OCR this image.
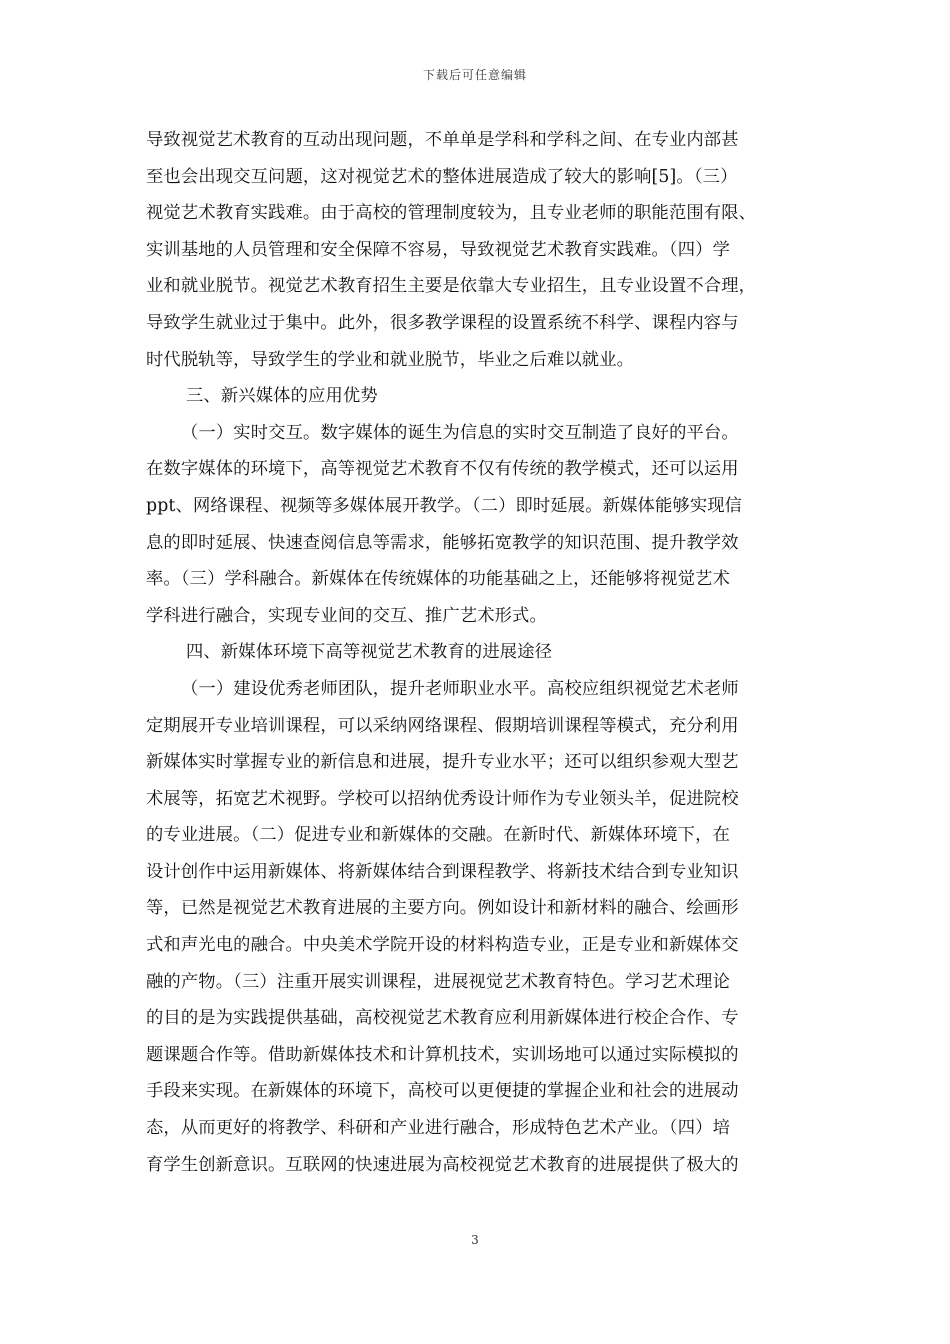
下载后可任意编辑
导致视觉艺术教育的互动出现问题，不单单是学科和学科之间、在专业内部甚
至也会出现交互问题，这对视觉艺术的整体进展造成了较大的影响[5]。（三）
视觉艺术教育实践难。由于高校的管理制度较为，且专业老师的职能范围有限、
实训基地的人员管理和安全保障不容易，导致视觉艺术教育实践难。（四）学
业和就业脱节。视觉艺术教育招生主要是依靠大专业招生，且专业设置不合理，
导致学生就业过于集中。此外，很多教学课程的设置系统不科学、课程内容与
时代脱轨等，导致学生的学业和就业脱节，毕业之后难以就业。
三、新兴媒体的应用优势
（一）实时交互。数字媒体的诞生为信息的实时交互制造了良好的平台。
在数字媒体的环境下，高等视觉艺术教育不仅有传统的教学模式，还可以运用
ppt、网络课程、视频等多媒体展开教学。（二）即时延展。新媒体能够实现信
息的即时延展、快速查阅信息等需求，能够拓宽教学的知识范围、提升教学效
率。（三）学科融合。新媒体在传统媒体的功能基础之上，还能够将视觉艺术
学科进行融合，实现专业间的交互、推广艺术形式。
四、新媒体环境下高等视觉艺术教育的进展途径
（一）建设优秀老师团队，提升老师职业水平。高校应组织视觉艺术老师
定期展开专业培训课程，可以采纳网络课程、假期培训课程等模式，充分利用
新媒体实时掌握专业的新信息和进展，提升专业水平；还可以组织参观大型艺
术展等，拓宽艺术视野。学校可以招纳优秀设计师作为专业领头羊，促进院校
的专业进展。（二）促进专业和新媒体的交融。在新时代、新媒体环境下，在
设计创作中运用新媒体、将新媒体结合到课程教学、将新技术结合到专业知识
等，已然是视觉艺术教育进展的主要方向。例如设计和新材料的融合、绘画形
式和声光电的融合。中央美术学院开设的材料构造专业，正是专业和新媒体交
融的产物。（三）注重开展实训课程，进展视觉艺术教育特色。学习艺术理论
的目的是为实践提供基础，高校视觉艺术教育应利用新媒体进行校企合作、专
题课题合作等。借助新媒体技术和计算机技术，实训场地可以通过实际模拟的
手段来实现。在新媒体的环境下，高校可以更便捷的掌握企业和社会的进展动
态，从而更好的将教学、科研和产业进行融合，形成特色艺术产业。（四）培
育学生创新意识。互联网的快速进展为高校视觉艺术教育的进展提供了极大的
3
